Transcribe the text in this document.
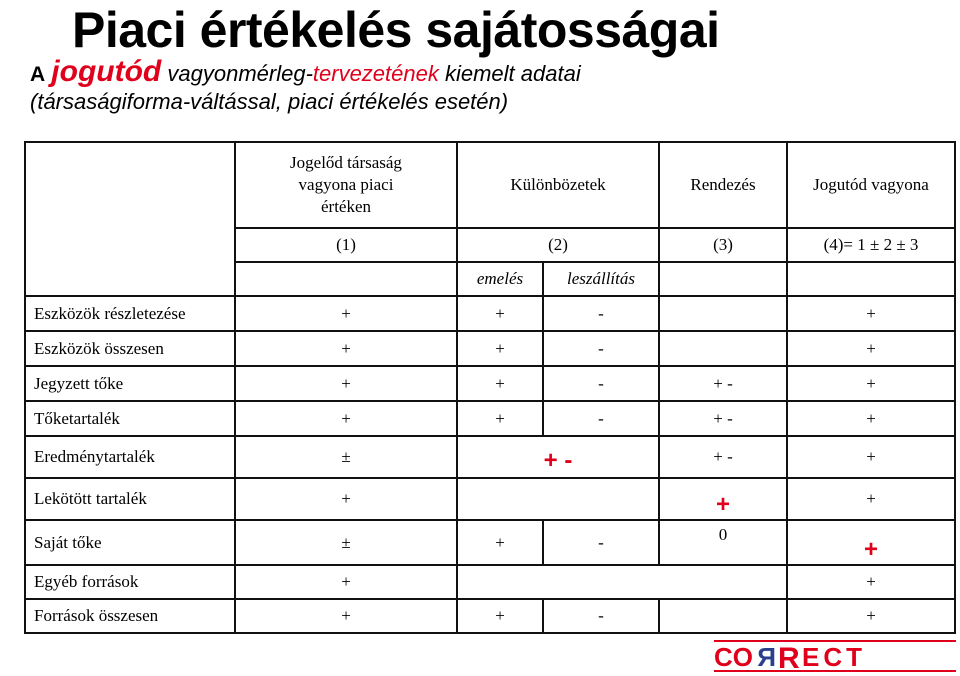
Piaci értékelés sajátosságai
A jogutód vagyonmérleg-tervezetének kiemelt adatai
(társaságiforma-váltással, piaci értékelés esetén)

	Jogelőd társaság
vagyona piaci
értéken	Különbözetek		Rendezés	Jogutód vagyona

	(1)	(2)		(3)	(4)= 1 ± 2 ± 3
		emelés	leszállítás		
Eszközök részletezése	+	+	-		+
Eszközök összesen	+	+	-		+
Jegyzett tőke	+	+	-	+ -	+
Tőketartalék	+	+	-	+ -	+
Eredménytartalék	±	+ -		+ -	+
Lekötött tartalék	+			+	+
Saját tőke	±	+	-	0	+
Egyéb források	+				+
Források összesen	+	+	-		+
CO R R ECT
